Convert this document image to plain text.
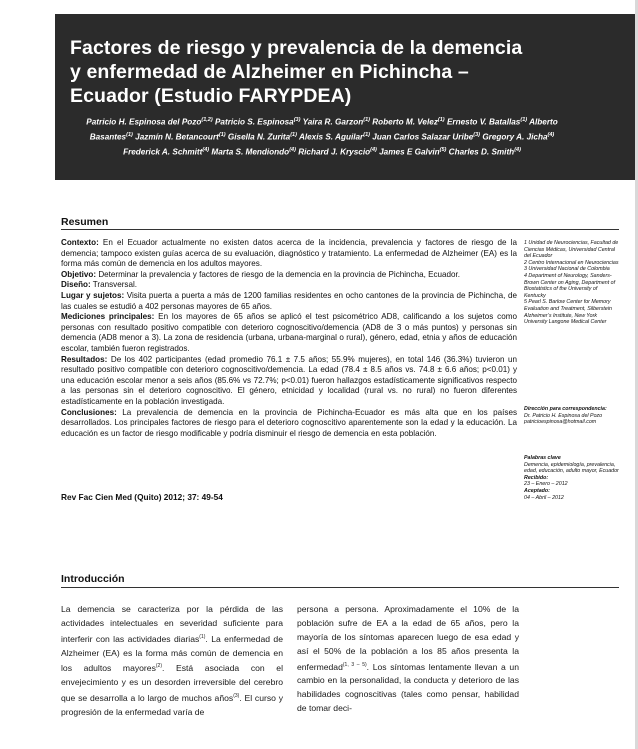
Factores de riesgo y prevalencia de la demencia y enfermedad de Alzheimer en Pichincha – Ecuador (Estudio FARYPDEA)
Patricio H. Espinosa del Pozo$^{(1,2)}$ Patricio S. Espinosa$^{(3)}$ Yaira R. Garzon$^{(1)}$ Roberto M. Velez$^{(1)}$ Ernesto V. Batallas$^{(1)}$ Alberto Basantes$^{(1)}$ Jazmín N. Betancourt$^{(1)}$ Gisella N. Zurita$^{(1)}$ Alexis S. Aguilar$^{(1)}$ Juan Carlos Salazar Uribe$^{(3)}$ Gregory A. Jicha$^{(4)}$ Frederick A. Schmitt$^{(4)}$ Marta S. Mendiondo$^{(4)}$ Richard J. Kryscio$^{(4)}$ James E Galvin$^{(5)}$ Charles D. Smith$^{(4)}$
Resumen

Contexto: En el Ecuador actualmente no existen datos acerca de la incidencia, prevalencia y factores de riesgo de la demencia; tampoco existen guías acerca de su evaluación, diagnóstico y tratamiento. La enfermedad de Alzheimer (EA) es la forma más común de demencia en los adultos mayores.

Objetivo: Determinar la prevalencia y factores de riesgo de la demencia en la provincia de Pichincha, Ecuador.

Diseño: Transversal.

Lugar y sujetos: Visita puerta a puerta a más de 1200 familias residentes en ocho cantones de la provincia de Pichincha, de las cuales se estudió a 402 personas mayores de 65 años.

Mediciones principales: En los mayores de 65 años se aplicó el test psicométrico AD8, calificando a los sujetos como personas con resultado positivo compatible con deterioro cognoscitivo/demencia (AD8 de 3 o más puntos) y personas sin demencia (AD8 menor a 3). La zona de residencia (urbana, urbana-marginal o rural), género, edad, etnia y años de educación escolar, también fueron registrados.

Resultados: De los 402 participantes (edad promedio 76.1 ± 7.5 años; 55.9% mujeres), en total 146 (36.3%) tuvieron un resultado positivo compatible con deterioro cognoscitivo/demencia. La edad (78.4 ± 8.5 años vs. 74.8 ± 6.6 años; p<0.01) y una educación escolar menor a seis años (85.6% vs 72.7%; p<0.01) fueron hallazgos estadísticamente significativos respecto a las personas sin el deterioro cognoscitivo. El género, etnicidad y localidad (rural vs. no rural) no fueron diferentes estadísticamente en la población investigada.

Conclusiones: La prevalencia de demencia en la provincia de Pichincha-Ecuador es más alta que en los países desarrollados. Los principales factores de riesgo para el deterioro cognoscitivo aparentemente son la edad y la educación. La educación es un factor de riesgo modificable y podría disminuir el riesgo de demencia en esta población.

1 Unidad de Neurociencias, Facultad de Ciencias Médicas, Universidad Central del Ecuador
2 Centro Internacional en Neurociencias
3 Universidad Nacional de Colombia
4 Department of Neurology, Sanders-Brown Center on Aging, Department of Biostatistics of the University of Kentucky
5 Pearl S. Barlow Center for Memory Evaluation and Treatment, Silberstein Alzheimer’s Institute, New York University Langone Medical Center
Dirección para correspondencia:
Dr. Patricio H. Espinosa del Pozo
patricioespinosa@hotmail.com
Palabras clave
Demencia, epidemiología, prevalencia, edad, educación, adulto mayor, Ecuador
Recibido:
23 – Enero – 2012
Aceptado:
04 – Abril – 2012
Rev Fac Cien Med (Quito) 2012; 37: 49-54
Introducción
La demencia se caracteriza por la pérdida de las actividades intelectuales en severidad suficiente para interferir con las actividades diarias$^{(1)}$. La enfermedad de Alzheimer (EA) es la forma más común de demencia en los adultos mayores$^{(2)}$. Está asociada con el envejecimiento y es un desorden irreversible del cerebro que se desarrolla a lo largo de muchos años$^{(3)}$. El curso y progresión de la enfermedad varía de
persona a persona. Aproximadamente el 10% de la población sufre de EA a la edad de 65 años, pero la mayoría de los síntomas aparecen luego de esa edad y así el 50% de la población a los 85 años presenta la enfermedad$^{(1, 3 - 5)}$. Los síntomas lentamente llevan a un cambio en la personalidad, la conducta y deterioro de las habilidades cognoscitivas (tales como pensar, habilidad de tomar deci-
